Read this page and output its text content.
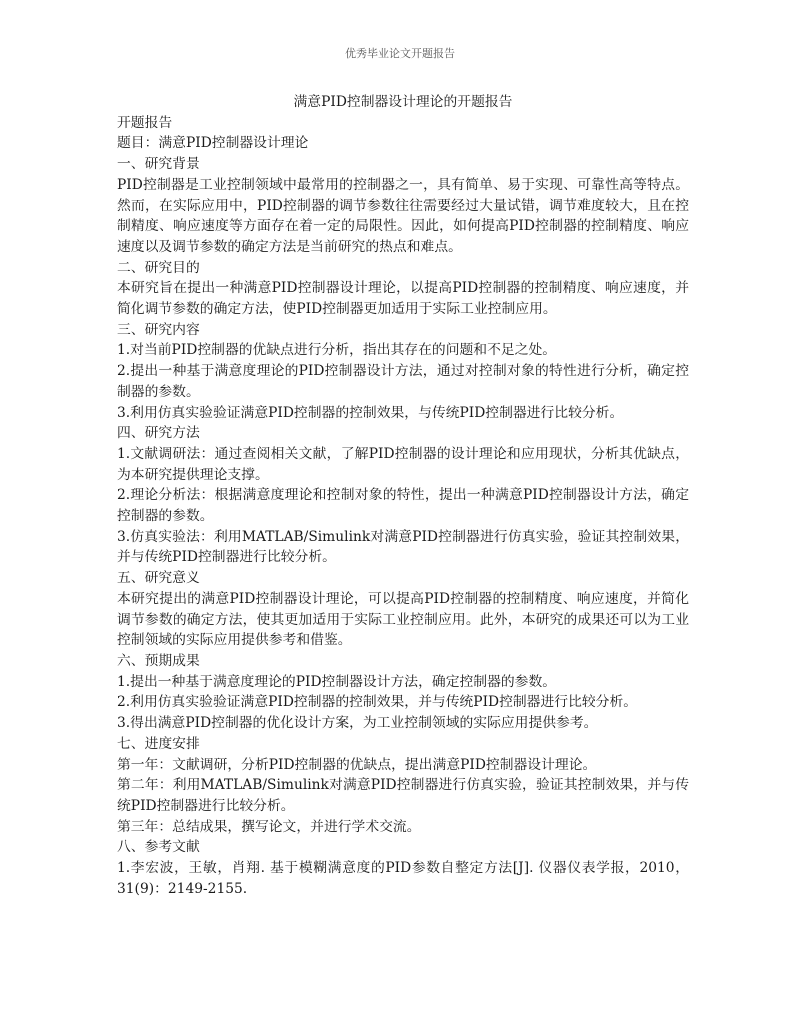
优秀毕业论文开题报告
满意PID控制器设计理论的开题报告

开题报告

题目：满意PID控制器设计理论

一、研究背景

PID控制器是工业控制领域中最常用的控制器之一，具有简单、易于实现、可靠性高等特点。然而，在实际应用中，PID控制器的调节参数往往需要经过大量试错，调节难度较大，且在控制精度、响应速度等方面存在着一定的局限性。因此，如何提高PID控制器的控制精度、响应速度以及调节参数的确定方法是当前研究的热点和难点。

二、研究目的

本研究旨在提出一种满意PID控制器设计理论，以提高PID控制器的控制精度、响应速度，并简化调节参数的确定方法，使PID控制器更加适用于实际工业控制应用。

三、研究内容

1.对当前PID控制器的优缺点进行分析，指出其存在的问题和不足之处。

2.提出一种基于满意度理论的PID控制器设计方法，通过对控制对象的特性进行分析，确定控制器的参数。

3.利用仿真实验验证满意PID控制器的控制效果，与传统PID控制器进行比较分析。

四、研究方法

1.文献调研法：通过查阅相关文献，了解PID控制器的设计理论和应用现状，分析其优缺点，为本研究提供理论支撑。

2.理论分析法：根据满意度理论和控制对象的特性，提出一种满意PID控制器设计方法，确定控制器的参数。

3.仿真实验法：利用MATLAB/Simulink对满意PID控制器进行仿真实验，验证其控制效果，并与传统PID控制器进行比较分析。

五、研究意义

本研究提出的满意PID控制器设计理论，可以提高PID控制器的控制精度、响应速度，并简化调节参数的确定方法，使其更加适用于实际工业控制应用。此外，本研究的成果还可以为工业控制领域的实际应用提供参考和借鉴。

六、预期成果

1.提出一种基于满意度理论的PID控制器设计方法，确定控制器的参数。

2.利用仿真实验验证满意PID控制器的控制效果，并与传统PID控制器进行比较分析。

3.得出满意PID控制器的优化设计方案，为工业控制领域的实际应用提供参考。

七、进度安排

第一年：文献调研，分析PID控制器的优缺点，提出满意PID控制器设计理论。

第二年：利用MATLAB/Simulink对满意PID控制器进行仿真实验，验证其控制效果，并与传统PID控制器进行比较分析。

第三年：总结成果，撰写论文，并进行学术交流。

八、参考文献

1.李宏波，王敏，肖翔. 基于模糊满意度的PID参数自整定方法[J]. 仪器仪表学报，2010，31(9)：2149-2155.
